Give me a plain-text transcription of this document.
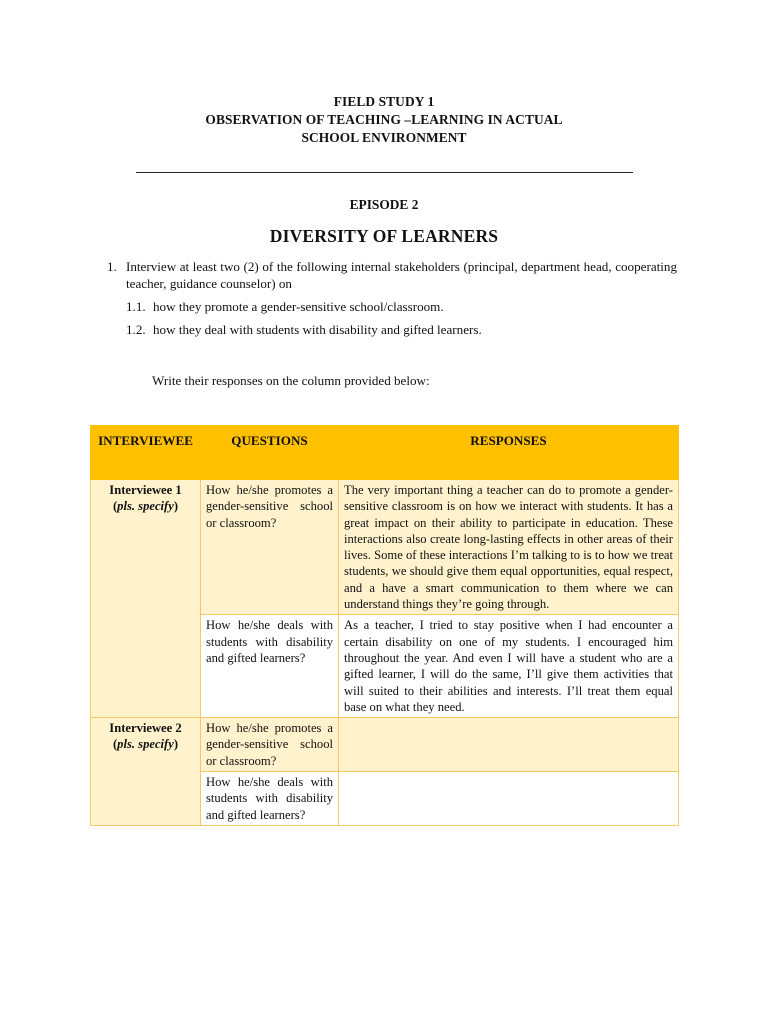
FIELD STUDY 1
OBSERVATION OF TEACHING –LEARNING IN ACTUAL
SCHOOL ENVIRONMENT
EPISODE 2
DIVERSITY OF LEARNERS
1. Interview at least two (2) of the following internal stakeholders (principal, department head, cooperating teacher, guidance counselor) on
1.1. how they promote a gender-sensitive school/classroom.
1.2. how they deal with students with disability and gifted learners.
Write their responses on the column provided below:
INTERVIEWEE	QUESTIONS	RESPONSES

Interviewee 1
(pls. specify)	How he/she promotes a gender-sensitive school or classroom?	The very important thing a teacher can do to promote a gender- sensitive classroom is on how we interact with students. It has a great impact on their ability to participate in education. These interactions also create long-lasting effects in other areas of their lives. Some of these interactions I’m talking to is to how we treat students, we should give them equal opportunities, equal respect, and a have a smart communication to them where we can understand things they’re going through.
	How he/she deals with students with disability and gifted learners?	As a teacher, I tried to stay positive when I had encounter a certain disability on one of my students. I encouraged him throughout the year. And even I will have a student who are a gifted learner, I will do the same, I’ll give them activities that will suited to their abilities and interests. I’ll treat them equal base on what they need.

Interviewee 2
(pls. specify)	How he/she promotes a gender-sensitive school or classroom?	
	How he/she deals with students with disability and gifted learners?	
